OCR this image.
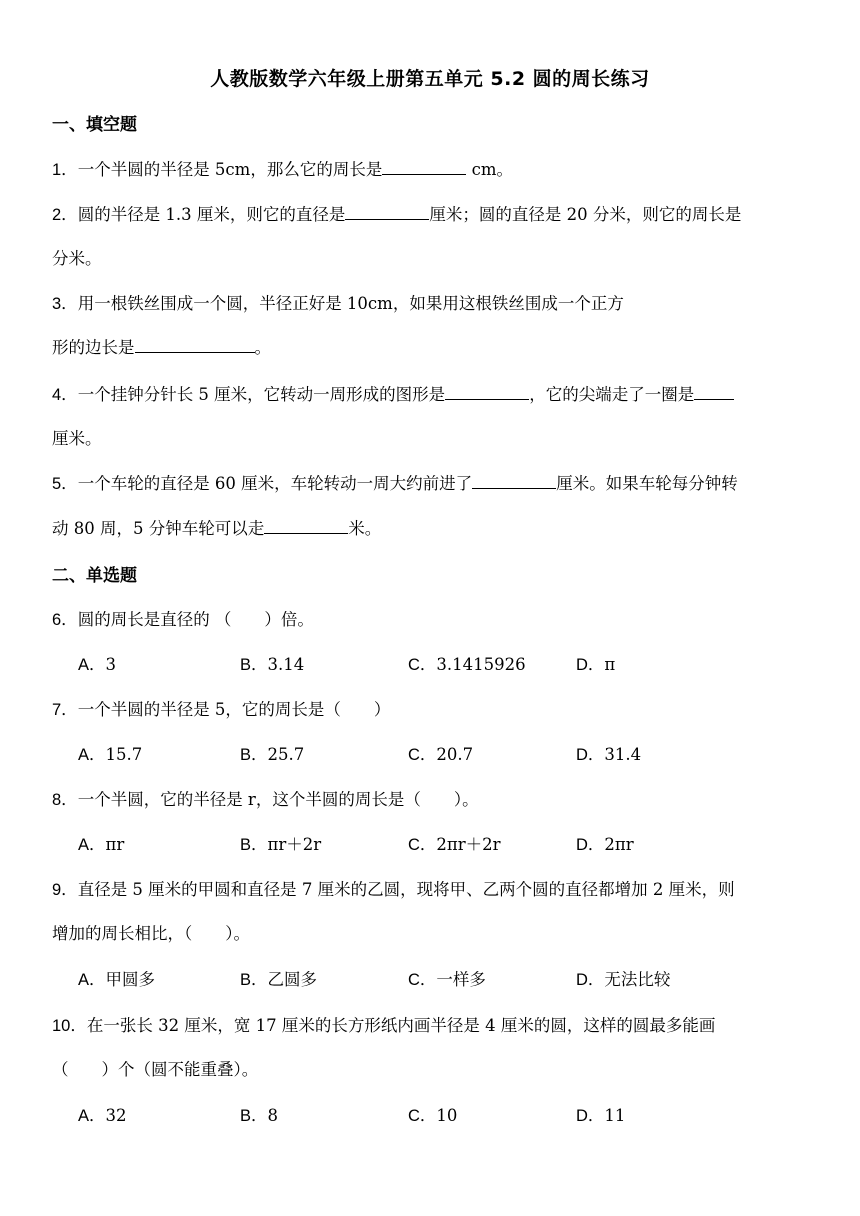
人教版数学六年级上册第五单元 5.2 圆的周长练习
一、填空题
1．一个半圆的半径是 5cm，那么它的周长是	cm。
2．圆的半径是 1.3 厘米，则它的直径是	厘米；圆的直径是 20 分米，则它的周长是
分米。
3．用一根铁丝围成一个圆，半径正好是 10cm，如果用这根铁丝围成一个正方
形的边长是	。
4．一个挂钟分针长 5 厘米，它转动一周形成的图形是	，它的尖端走了一圈是
厘米。
5．一个车轮的直径是 60 厘米，车轮转动一周大约前进了	厘米。如果车轮每分钟转
动 80 周，5 分钟车轮可以走	米。
二、单选题
6．圆的周长是直径的 （　　）倍。
A．3	B．3.14	C．3.1415926	D．π
7．一个半圆的半径是 5，它的周长是（　　）
A．15.7	B．25.7	C．20.7	D．31.4
8．一个半圆，它的半径是 r，这个半圆的周长是（　　）。
A．πr	B．πr＋2r	C．2πr＋2r	D．2πr
9．直径是 5 厘米的甲圆和直径是 7 厘米的乙圆，现将甲、乙两个圆的直径都增加 2 厘米，则
增加的周长相比，（　　）。
A．甲圆多	B．乙圆多	C．一样多	D．无法比较
10．在一张长 32 厘米，宽 17 厘米的长方形纸内画半径是 4 厘米的圆，这样的圆最多能画
（　　）个（圆不能重叠）。
A．32	B．8	C．10	D．11
